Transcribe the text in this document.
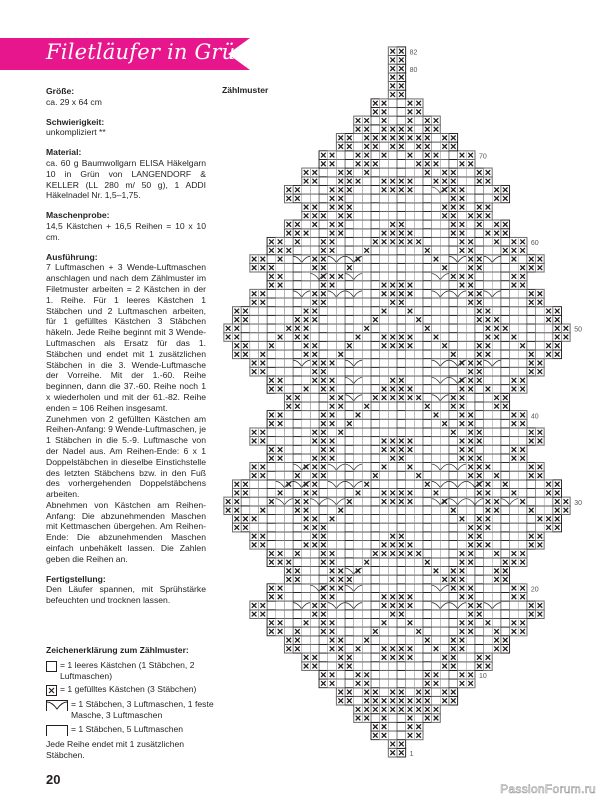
Filetläufer in Grün
Größe:

ca. 29 x 64 cm

Schwierigkeit:

unkompliziert **

Material:

ca. 60 g Baumwollgarn ELISA Häkelgarn 10 in Grün von LANGENDORF & KELLER (LL 280 m/ 50 g), 1 ADDI Häkelnadel Nr. 1,5–1,75.

Maschenprobe:

14,5 Kästchen + 16,5 Reihen = 10 x 10 cm.

Ausführung:

7 Luftmaschen + 3 Wende-Luftmaschen anschlagen und nach dem Zählmuster im Filetmuster arbeiten = 2 Kästchen in der 1. Reihe. Für 1 leeres Kästchen 1 Stäbchen und 2 Luftmaschen arbeiten, für 1 gefülltes Kästchen 3 Stäbchen häkeln. Jede Reihe beginnt mit 3 Wende-Luftmaschen als Ersatz für das 1. Stäbchen und endet mit 1 zusätzlichen Stäbchen in die 3. Wende-Luftmasche der Vorreihe. Mit der 1.-60. Reihe beginnen, dann die 37.-60. Reihe noch 1 x wiederholen und mit der 61.-82. Reihe enden = 106 Reihen insgesamt.

Zunehmen von 2 gefüllten Kästchen am Reihen-Anfang: 9 Wende-Luftmaschen, je 1 Stäbchen in die 5.-9. Luftmasche von der Nadel aus. Am Reihen-Ende: 6 x 1 Doppelstäbchen in dieselbe Einstichstelle des letzten Stäbchens bzw. in den Fuß des vorhergehenden Doppelstäbchens arbeiten.

Abnehmen von Kästchen am Reihen-Anfang: Die abzunehmenden Maschen mit Kettmaschen übergehen. Am Reihen-Ende: Die abzunehmenden Maschen einfach unbehäkelt lassen. Die Zahlen geben die Reihen an.

Fertigstellung:

Den Läufer spannen, mit Sprühstärke befeuchten und trocknen lassen.

Zeichenerklärung zum Zählmuster:
= 1 leeres Kästchen (1 Stäbchen, 2 Luftmaschen)
= 1 gefülltes Kästchen (3 Stäbchen)
= 1 Stäbchen, 3 Luftmaschen, 1 feste Masche, 3 Luftmaschen
= 1 Stäbchen, 5 Luftmaschen
Jede Reihe endet mit 1 zusätzlichen Stäbchen.
20
Zählmuster
1
10
20
30
40
50
60
70
80
82
PassionForum.ru
